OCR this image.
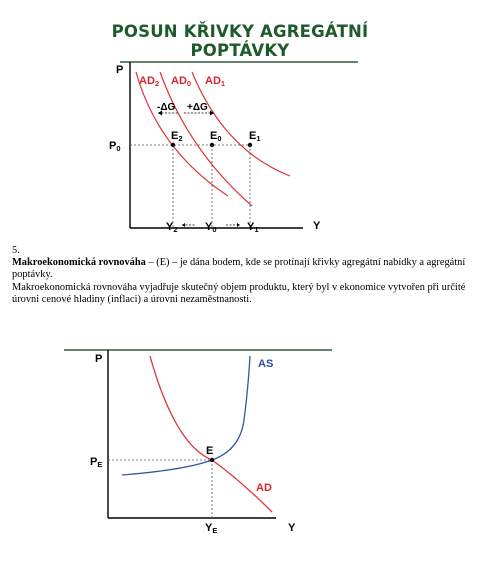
POSUN KŘIVKY AGREGÁTNÍ
POPTÁVKY
AD2 AD0 AD1
-ΔG +ΔG
P0
E2 E0 E1
P
Y
Y2 Y0	Y1

5.

Makroekonomická rovnováha – (E) – je dána bodem, kde se protínají křivky agregátní nabídky a agregátní poptávky.

Makroekonomická rovnováha vyjadřuje skutečný objem produktu, který byl v ekonomice vytvořen při určité úrovni cenové hladiny (inflaci) a úrovni nezaměstnanosti.

P
Y
AS
AD
E
PE
YE
